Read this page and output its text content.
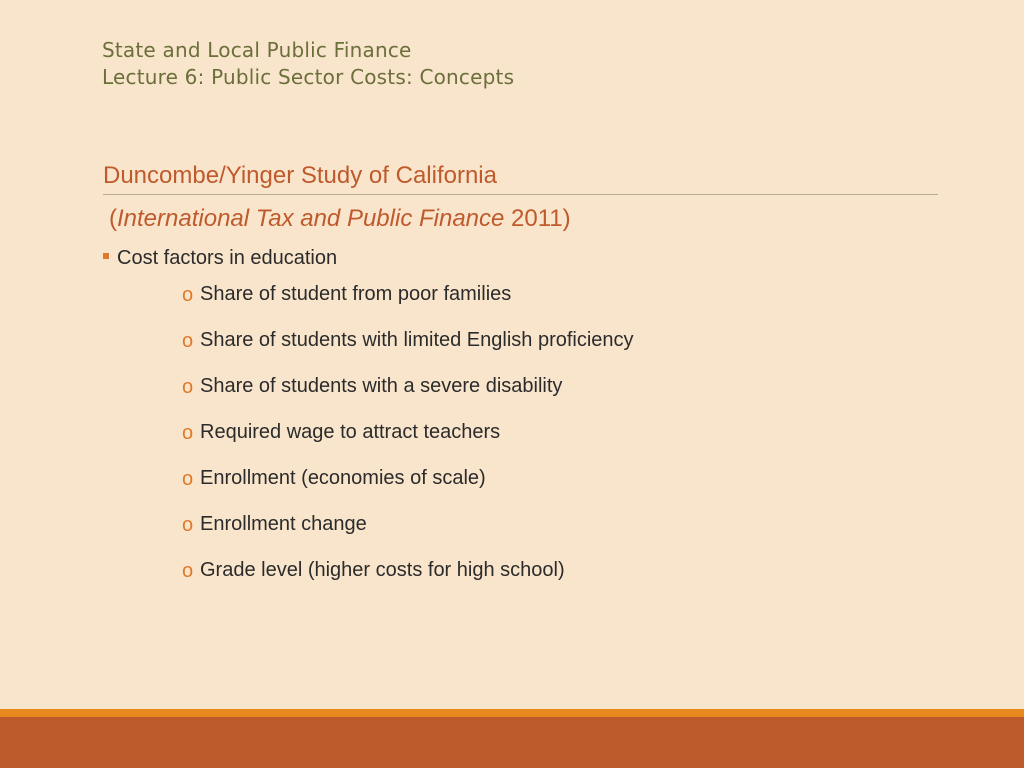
State and Local Public Finance
Lecture 6: Public Sector Costs: Concepts
Duncombe/Yinger Study of California
(International Tax and Public Finance 2011)
Cost factors in education
o Share of student from poor families
o Share of students with limited English proficiency
o Share of students with a severe disability
o Required wage to attract teachers
o Enrollment (economies of scale)
o Enrollment change
o Grade level (higher costs for high school)
